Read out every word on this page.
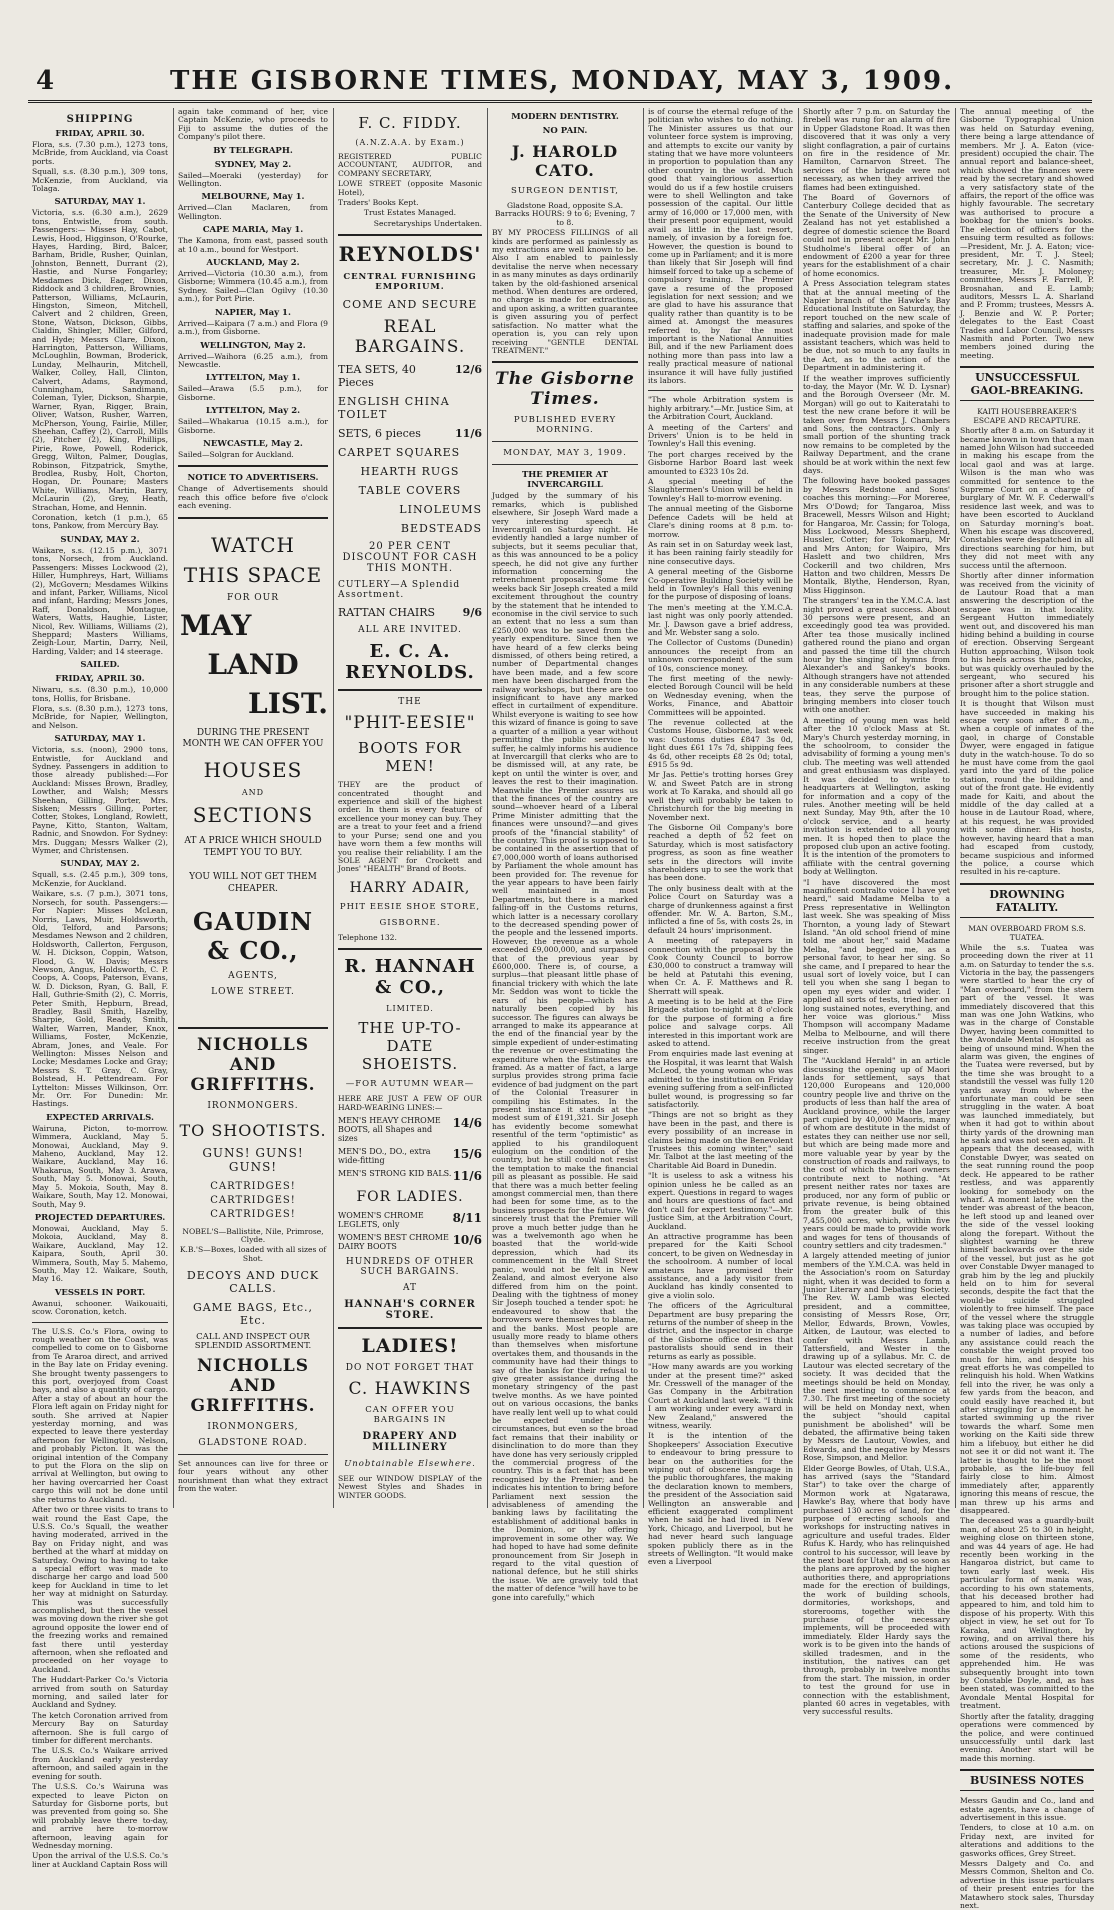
4	THE GISBORNE TIMES, MONDAY, MAY 3, 1909.
SHIPPING
FRIDAY, APRIL 30.

Flora, s.s. (7.30 p.m.), 1273 tons, McBride, from Auckland, via Coast ports.

Squall, s.s. (8.30 p.m.), 309 tons, McKenzie, from Auckland, via Tolaga.

SATURDAY, MAY 1.

Victoria, s.s. (6.30 a.m.), 2629 tons, Entwistle, from south. Passengers:— Misses Hay, Cabot, Lewis, Hood, Higginson, O'Rourke, Hayes, Harding, Bird, Balcer, Barham, Bridle, Rusher, Quinlan, Johnston, Bennett, Durrant (2), Hastie, and Nurse Fongarley; Mesdames Dick, Eager, Dixon, Riddock and 3 children, Brownies, Patterson, Williams, McLaurin, Hingston, Simeon, Mitchell, Calvert and 2 children, Green, Stone, Watson, Dickson, Gibbs, Cialdin, Shingler, Miller, Gilford, and Hyde; Messrs Clare, Dixon, Harrington, Patterson, Williams, McLoughlin, Bowman, Broderick, Lunday, Melhaurin, Mitchell, Walker, Colley, Hall, Clinton, Calvert, Adams, Raymond, Cunningham, Sandimann, Coleman, Tyler, Dickson, Sharpie, Warner, Ryan, Rigger, Brain, Oliver, Watson, Rusher, Warren, McPherson, Young, Fairlie, Miller, Sheehan, Caffey (2), Carroll, Mills (2), Pitcher (2), King, Phillips, Pirie, Rowe, Powell, Roderick, Gregg, Wilton, Palmer, Douglas, Robinson, Fitzpatrick, Smythe, Brodlea, Rusby, Holt, Chorton, Hogan, Dr. Pounare; Masters White, Williams, Martin, Barry, McLaurin (2), Grey, Heath, Strachan, Home, and Hennin.

Coronation, ketch (1 p.m.), 65 tons, Pankow, from Mercury Bay.

SUNDAY, MAY 2.

Waikare, s.s. (12.15 p.m.), 3071 tons, Norsech, from Auckland. Passengers: Misses Lockwood (2), Hiller, Humphreys, Hart, Williams (2), McGovern; Mesdames Wilkins and infant, Parker, Williams, Nicol and infant, Harding; Messrs Jones, Raff, Donaldson, Montague, Waters, Watts, Haughie, Lister, Nicol, Rev. Williams, Williams (2), Sheppard; Masters Williams, Zeigh-Lour, Martin, Darry, Neil, Harding, Valder; and 14 steerage.

SAILED.
FRIDAY, APRIL 30.

Niwaru, s.s. (8.30 p.m.), 10,000 tons, Hollis, for Brisbane.

Flora, s.s. (8.30 p.m.), 1273 tons, McBride, for Napier, Wellington, and Nelson.

SATURDAY, MAY 1.

Victoria, s.s. (noon), 2900 tons, Entwistle, for Auckland and Sydney. Passengers in addition to those already published:—For Auckland: Misses Brown, Bradley, Lowther, and Walsh; Messrs Sheehan, Gilling, Porter, Mrs. Sisken; Messrs Gilling, Porter, Cotter, Stokes, Longland, Rowlett, Payne, Kitto, Stanton, Waltam, Radnic, and Snowdon. For Sydney: Mrs. Duggan; Messrs Walker (2), Wymer, and Christensen.

SUNDAY, MAY 2.

Squall, s.s. (2.45 p.m.), 309 tons, McKenzie, for Auckland.

Waikare, s.s. (7 p.m.), 3071 tons, Norsech, for south. Passengers:—For Napier: Misses McLean, Norris, Laws, Muir, Holdsworth, Old, Telford, and Parsons; Mesdames Newson and 2 children, Holdsworth, Callerton, Ferguson, W. H. Dickson, Coppin, Watson, Flood, G. W. Davis; Messrs Newson, Angus, Holdsworth, C. P. Coops, A. Coops, Paterson, Evans, W. D. Dickson, Ryan, G. Ball, F. Hall, Guthrie-Smith (2), C. Morris, Peter Smith, Hepburn, Bread, Bradley, Basil Smith, Hazelby, Sharpie, Gold, Ready, Smith, Walter, Warren, Mander, Knox, Williams, Foster, McKenzie, Abram, Jones, and Veale. For Wellington: Misses Nelson and Locke; Mesdames Locke and Gray; Messrs S. T. Gray, C. Gray, Bolstead, H. Pettendream. For Lyttelton: Misses Wilkinson, Orr. Mr. Orr. For Dunedin: Mr. Hastings.

EXPECTED ARRIVALS.

Wairuna, Picton, to-morrow. Wimmera, Auckland, May 5. Monowai, Auckland, May 9. Maheno, Auckland, May 12. Waikare, Auckland, May 16. Whakarua, South, May 3. Arawa, South, May 5. Monowai, South, May 5. Mokoia, South, May 8. Waikare, South, May 12. Monowai, South, May 9.

PROJECTED DEPARTURES.

Monowai, Auckland, May 5. Mokoia, Auckland, May 8. Waikare, Auckland, May 12. Kaipara, South, April 30. Wimmera, South, May 5. Mahemo, South, May 12. Waikare, South, May 16.

VESSELS IN PORT.

Awanui, schooner. Waikouaiti, scow. Coronation, ketch.

The U.S.S. Co.'s Flora, owing to rough weather on the Coast, was compelled to come on to Gisborne from Te Araroa direct, and arrived in the Bay late on Friday evening. She brought twenty passengers to this port, overjoyed from Coast bays, and also a quantity of cargo. After a stay of about an hour the Flora left again on Friday night for south. She arrived at Napier yesterday morning, and was expected to leave there yesterday afternoon for Wellington, Nelson, and probably Picton. It was the original intention of the Company to put the Flora on the slip on arrival at Wellington, but owing to her having overcarried her Coast cargo this will not be done until she returns to Auckland.

After two or three visits to trans to wait round the East Cape, the U.S.S. Co.'s Squall, the weather having moderated, arrived in the Bay on Friday night, and was berthed at the wharf at midday on Saturday. Owing to having to take a special effort was made to discharge her cargo and load 500 keep for Auckland in time to let her way at midnight on Saturday. This was successfully accomplished, but then the vessel was moving down the river she got aground opposite the lower end of the freezing works and remained fast there until yesterday afternoon, when she refloated and proceeded on her voyage to Auckland.

The Huddart-Parker Co.'s Victoria arrived from south on Saturday morning, and sailed later for Auckland and Sydney.

The ketch Coronation arrived from Mercury Bay on Saturday afternoon. She is full cargo of timber for different merchants.

The U.S.S. Co.'s Waikare arrived from Auckland early yesterday afternoon, and sailed again in the evening for south.

The U.S.S. Co.'s Wairuna was expected to leave Picton on Saturday for Gisborne ports, but was prevented from going so. She will probably leave there to-day, and arrive here to-morrow afternoon, leaving again for Wednesday morning.

Upon the arrival of the U.S.S. Co.'s liner at Auckland Captain Ross will

again take command of her, vice Captain McKenzie, who proceeds to Fiji to assume the duties of the Company's pilot there.

BY TELEGRAPH.
SYDNEY, May 2.

Sailed—Moeraki (yesterday) for Wellington.

MELBOURNE, May 1.

Arrived—Clan Maclaren, from Wellington.

CAPE MARIA, May 1.

The Kamona, from east, passed south at 10 a.m., bound for Westport.

AUCKLAND, May 2.

Arrived—Victoria (10.30 a.m.), from Gisborne; Wimmera (10.45 a.m.), from Sydney. Sailed—Clan Ogilvy (10.30 a.m.), for Port Pirie.

NAPIER, May 1.

Arrived—Kaipara (7 a.m.) and Flora (9 a.m.), from Gisborne.

WELLINGTON, May 2.

Arrived—Waihora (6.25 a.m.), from Newcastle.

LYTTELTON, May 1.

Sailed—Arawa (5.5 p.m.), for Gisborne.

LYTTELTON, May 2.

Sailed—Whakarua (10.15 a.m.), for Gisborne.

NEWCASTLE, May 2.

Sailed—Solgran for Auckland.

NOTICE TO ADVERTISERS.

Change of Advertisements should reach this office before five o'clock each evening.

WATCH
THIS SPACE
FOR OUR
MAY
LAND
LIST.

DURING THE PRESENT MONTH WE CAN OFFER YOU

HOUSES
AND
SECTIONS

AT A PRICE WHICH SHOULD TEMPT YOU TO BUY.

YOU WILL NOT GET THEM CHEAPER.

GAUDIN & CO.,
AGENTS,
LOWE STREET.
NICHOLLS AND GRIFFITHS.
IRONMONGERS.
TO SHOOTISTS.
GUNS! GUNS! GUNS!
CARTRIDGES! CARTRIDGES! CARTRIDGES!

NOBEL'S—Ballistite, Nile, Primrose, Clyde.

K.B.'S—Boxes, loaded with all sizes of Shot.

DECOYS AND DUCK CALLS.
GAME BAGS, Etc., Etc.

CALL AND INSPECT OUR SPLENDID ASSORTMENT.

NICHOLLS AND GRIFFITHS.
IRONMONGERS,
GLADSTONE ROAD.

Set announces can live for three or four years without any other nourishment than what they extract from the water.

F. C. FIDDY.
(A.N.Z.A.A. by Exam.)

REGISTERED PUBLIC ACCOUNTANT, AUDITOR, and COMPANY SECRETARY,

LOWE STREET (opposite Masonic Hotel),

Traders' Books Kept.

Trust Estates Managed.

Secretaryships Undertaken.

REYNOLDS'
CENTRAL FURNISHING EMPORIUM.
COME AND SECURE
REAL BARGAINS.
TEA SETS, 40 Pieces
12/6
ENGLISH CHINA TOILET
SETS, 6 pieces	11/6
CARPET SQUARES
HEARTH RUGS
TABLE COVERS
LINOLEUMS
BEDSTEADS
20 PER CENT DISCOUNT FOR CASH THIS MONTH.
CUTLERY—A Splendid Assortment.
RATTAN CHAIRS	9/6
ALL ARE INVITED.
E. C. A. REYNOLDS.
THE
"PHIT-EESIE"
BOOTS FOR MEN!

THEY are the product of concentrated thought and experience and skill of the highest order. In them is every feature of excellence your money can buy. They are a treat to your feet and a friend to your Purse; send one and you have worn them a few months will you realise their reliability. I am the SOLE AGENT for Crockett and Jones' "HEALTH" Brand of Boots.

HARRY ADAIR,
PHIT EESIE SHOE STORE,
GISBORNE.

Telephone 132.

R. HANNAH & CO.,
LIMITED.
THE UP-TO-DATE SHOEISTS.
—FOR AUTUMN WEAR—

HERE ARE JUST A FEW OF OUR HARD-WEARING LINES:—

MEN'S HEAVY CHROME BOOTS, all Shapes and sizes
14/6
MEN'S DO., DO., extra wide-fitting	15/6
MEN'S STRONG KID BALS. 11/6
FOR LADIES.
WOMEN'S CHROME LEGLETS, only	8/11
WOMEN'S BEST CHROME DAIRY BOOTS	10/6
HUNDREDS OF OTHER SUCH BARGAINS.
AT
HANNAH'S CORNER STORE.
LADIES!
DO NOT FORGET THAT
C. HAWKINS
CAN OFFER YOU BARGAINS IN
DRAPERY AND MILLINERY
Unobtainable Elsewhere.

SEE our WINDOW DISPLAY of the Newest Styles and Shades in WINTER GOODS.

MODERN DENTISTRY.
NO PAIN.
J. HAROLD CATO.
SURGEON DENTIST,

Gladstone Road, opposite S.A. Barracks HOURS: 9 to 6; Evening, 7 to 8.

BY MY PROCESS FILLINGS of all kinds are performed as painlessly as my extractions are well known to be. Also I am enabled to painlessly devitalise the nerve when necessary in as many minutes as days ordinarily taken by the old-fashioned arsenical method. When dentures are ordered, no charge is made for extractions, and upon asking, a written guarantee is given assuring you of perfect satisfaction. No matter what the operation is, you can rely upon receiving "GENTLE DENTAL TREATMENT."

The Gisborne Times.
PUBLISHED EVERY MORNING.
MONDAY, MAY 3, 1909.
THE PREMIER AT INVERCARGILL

Judged by the summary of his remarks, which is published elsewhere, Sir Joseph Ward made a very interesting speech at Invercargill on Saturday night. He evidently handled a large number of subjects, but it seems peculiar that, as this was announced to be a policy speech, he did not give any further information concerning the retrenchment proposals. Some few weeks back Sir Joseph created a mild excitement throughout the country by the statement that he intended to economise in the civil service to such an extent that no less a sum than £250,000 was to be saved from the yearly expenditure. Since then we have heard of a few clerks being dismissed, of others being retired, a number of Departmental changes have been made, and a few score men have been discharged from the railway workshops, but there are too insignificant to have any marked effect in curtailment of expenditure. Whilst everyone is waiting to see how this wizard of finance is going to save a quarter of a million a year without permitting the public service to suffer, he calmly informs his audience at Invercargill that clerks who are to be dismissed will, at any rate, be kept on until the winter is over, and leaves the rest to their imagination. Meanwhile the Premier assures us that the finances of the country are sound—whoever heard of a Liberal Prime Minister admitting that the finances were unsound?—and gives proofs of the "financial stability" of the country. This proof is supposed to be contained in the assertion that of £7,000,000 worth of loans authorised by Parliament the whole amount has been provided for. The revenue for the year appears to have been fairly well maintained in most Departments, but there is a marked falling-off in the Customs returns, which latter is a necessary corollary to the decreased spending power of the people and the lessened imports. However, the revenue as a whole exceeded £9,000,000, and surpassed that of the previous year by £600,000. There is, of course, a surplus—that pleasant little phase of financial trickery with which the late Mr. Seddon was wont to tickle the ears of his people—which has naturally been copied by his successor. The figures can always be arranged to make its appearance at the end of the financial year by the simple expedient of under-estimating the revenue or over-estimating the expenditure when the Estimates are framed. As a matter of fact, a large surplus provides strong prima facie evidence of bad judgment on the part of the Colonial Treasurer in compiling his Estimates. In the present instance it stands at the modest sum of £191,321. Sir Joseph has evidently become somewhat resentful of the term "optimistic" as applied to his grandiloquent eulogium on the condition of the country, but he still could not resist the temptation to make the financial pill as pleasant as possible. He said that there was a much better feeling amongst commercial men, than there had been for some time, as to the business prospects for the future. We sincerely trust that the Premier will prove a much better judge than he was a twelvemonth ago when he boasted that the world-wide depression, which had its commencement in the Wall Street panic, would not be felt in New Zealand, and almost everyone also differed from him on the point. Dealing with the tightness of money Sir Joseph touched a tender spot: he endeavoured to show that the borrowers were themselves to blame, and the banks. Most people are usually more ready to blame others than themselves when misfortune overtakes them, and thousands in the community have had their things to say of the banks for their refusal to give greater assistance during the monetary stringency of the past twelve months. As we have pointed out on various occasions, the banks have really lent well up to what could be expected under the circumstances, but even so the broad fact remains that their inability or disinclination to do more than they have done has very seriously crippled the commercial progress of the country. This is a fact that has been recognised by the Premier; and he indicates his intention to bring before Parliament next session the advisableness of amending the banking laws by facilitating the establishment of additional banks in the Dominion, or by offering improvement in some other way. We had hoped to have had some definite pronouncement from Sir Joseph in regard to the vital question of national defence, but he still shirks the issue. We are gravely told that the matter of defence "will have to be gone into carefully," which

is of course the eternal refuge of the politician who wishes to do nothing. The Minister assures us that our volunteer force system is improving, and attempts to excite our vanity by stating that we have more volunteers in proportion to population than any other country in the world. Much good that vainglorious assertion would do us if a few hostile cruisers were to shell Wellington and take possession of the capital. Our little army of 16,000 or 17,000 men, with their present poor equipment, would avail as little in the last resort, namely, of invasion by a foreign foe. However, the question is bound to come up in Parliament; and it is more than likely that Sir Joseph will find himself forced to take up a scheme of compulsory training. The Premier gave a resume of the proposed legislation for next session; and we are glad to have his assurance that quality rather than quantity is to be aimed at. Amongst the measures referred to, by far the most important is the National Annuities Bill, and if the new Parliament does nothing more than pass into law a really practical measure of national insurance it will have fully justified its labors.

"The whole Arbitration system is highly arbitrary."—Mr. Justice Sim, at the Arbitration Court, Auckland.

A meeting of the Carters' and Drivers' Union is to be held in Townley's Hall this evening.

The port charges received by the Gisborne Harbor Board last week amounted to £323 10s 2d.

A special meeting of the Slaughtermen's Union will be held in Townley's Hall to-morrow evening.

The annual meeting of the Gisborne Defence Cadets will be held at Clare's dining rooms at 8 p.m. to-morrow.

As rain set in on Saturday week last, it has been raining fairly steadily for nine consecutive days.

A general meeting of the Gisborne Co-operative Building Society will be held in Townley's Hall this evening for the purpose of disposing of loans.

The men's meeting at the Y.M.C.A. last night was only poorly attended. Mr. J. Dawson gave a brief address, and Mr. Webster sang a solo.

The Collector of Customs (Dunedin) announces the receipt from an unknown correspondent of the sum of 10s, conscience money.

The first meeting of the newly-elected Borough Council will be held on Wednesday evening, when the Works, Finance, and Abattoir Committees will be appointed.

The revenue collected at the Customs House, Gisborne, last week was: Customs duties £847 3s 0d, light dues £61 17s 7d, shipping fees 4s 6d, other receipts £8 2s 0d; total, £915 5s 9d.

Mr Jas. Pettie's trotting horses Grey W. and Sweet Patch are in strong work at To Karaka, and should all go well they will probably be taken to Christchurch for the big meeting in November next.

The Gisborne Oil Company's bore reached a depth of 52 feet on Saturday, which is most satisfactory progress, as soon as fine weather sets in the directors will invite shareholders up to see the work that has been done.

The only business dealt with at the Police Court on Saturday was a charge of drunkenness against a first offender. Mr. W. A. Barton, S.M., inflicted a fine of 5s, with costs 2s, in default 24 hours' imprisonment.

A meeting of ratepayers in connection with the proposal by the Cook County Council to borrow £30,000 to construct a tramway will be held at Patutahi this evening, when Cr. A. F. Matthews and R. Sherratt will speak.

A meeting is to be held at the Fire Brigade station to-night at 8 o'clock for the purpose of forming a fire police and salvage corps. All interested in this important work are asked to attend.

From enquiries made last evening at the Hospital, it was learnt that Walsh McLeod, the young woman who was admitted to the institution on Friday evening suffering from a self-inflicted bullet wound, is progressing so far satisfactorily.

"Things are not so bright as they have been in the past, and there is every possibility of an increase in claims being made on the Benevolent Trustees this coming winter," said Mr. Talbot at the last meeting of the Charitable Aid Board in Dunedin.

"It is useless to ask a witness his opinion unless he be called as an expert. Questions in regard to wages and hours are questions of fact and don't call for expert testimony."—Mr. Justice Sim, at the Arbitration Court, Auckland.

An attractive programme has been prepared for the Kaiti School concert, to be given on Wednesday in the schoolroom. A number of local amateurs have promised their assistance, and a lady visitor from Auckland has kindly consented to give a violin solo.

The officers of the Agricultural Department are busy preparing the returns of the number of sheep in the district, and the inspector in charge of the Gisborne office desires that pastoralists should send in their returns as early as possible.

"How many awards are you working under at the present time?" asked Mr. Cresswell of the manager of the Gas Company in the Arbitration Court at Auckland last week. "I think I am working under every award in New Zealand," answered the witness, wearily.

It is the intention of the Shopkeepers' Association Executive to endeavour to bring pressure to bear on the authorities for the wiping out of obscene language in the public thoroughfares, the making the declaration known to members, the president of the Association said Wellington an answerable and efficient exaggerated compliment when he said he had lived in New York, Chicago, and Liverpool, but he had never heard such language spoken publicly there as in the streets of Wellington. "It would make even a Liverpool

Shortly after 7 p.m. on Saturday the firebell was rung for an alarm of fire in Upper Gladstone Road. It was then discovered that it was only a very slight conflagration, a pair of curtains on fire in the residence of Mr. Hamilton, Carnarvon Street. The services of the brigade were not necessary, as when they arrived the flames had been extinguished.

The Board of Governors of Canterbury College decided that as the Senate of the University of New Zealand has not yet established a degree of domestic science the Board could not in present accept Mr. John Studholme's liberal offer of an endowment of £200 a year for three years for the establishment of a chair of home economics.

A Press Association telegram states that at the annual meeting of the Napier branch of the Hawke's Bay Educational Institute on Saturday, the report touched on the new scale of staffing and salaries, and spoke of the inadequate provision made for male assistant teachers, which was held to be due, not so much to any faults in the Act, as to the action of the Department in administering it.

If the weather improves sufficiently to-day, the Mayor (Mr. W. D. Lysnar) and the Borough Overseer (Mr. M. Morgan) will go out to Kaiteratahi to test the new crane before it will be taken over from Messrs J. Chambers and Sons, the contractors. Only a small portion of the shunting track now remains to be completed by the Railway Department, and the crane should be at work within the next few days.

The following have booked passages by Messrs Redstone and Sons' coaches this morning:—For Moreree, Mrs O'Dowd; for Tangaroa, Miss Bracewell, Messrs Wilson and Hight; for Hangaroa, Mr. Cassin; for Tologa, Miss Lockwood, Messrs Shepherd, Hussler, Cotter; for Tokomaru, Mr and Mrs Anton; for Waipiro, Mrs Haslett and two children, Mrs Cockerill and two children, Mrs Hatton and two children, Messrs De Montalk, Blythe, Henderson, Ryan, Miss Higginson.

The strangers' tea in the Y.M.C.A. last night proved a great success. About 30 persons were present, and an exceedingly good tea was provided. After tea those musically inclined gathered round the piano and organ and passed the time till the church hour by the singing of hymns from Alexander's and Sankey's books. Although strangers have not attended in any considerable numbers at these teas, they serve the purpose of bringing members into closer touch with one another.

A meeting of young men was held after the 10 o'clock Mass at St. Mary's Church yesterday morning, in the schoolroom, to consider the advisability of forming a young men's club. The meeting was well attended and great enthusiasm was displayed. It was decided to write to headquarters at Wellington, asking for information and a copy of the rules. Another meeting will be held next Sunday, May 9th, after the 10 o'clock service, and a hearty invitation is extended to all young men. It is hoped then to place the proposed club upon an active footing. It is the intention of the promoters to affiliate with the central governing body at Wellington.

"I have discovered the most magnificent contralto voice I have yet heard," said Madame Melba to a Press representative in Wellington last week. She was speaking of Miss Thornton, a young lady of Stewart Island. "An old school friend of mine told me about her," said Madame Melba, "and begged me, as a personal favor, to hear her sing. So she came, and I prepared to hear the usual sort of lovely voice, but I can tell you when she sang I began to open my eyes wider and wider. I applied all sorts of tests, tried her on long sustained notes, everything, and her voice was glorious." Miss Thompson will accompany Madame Melba to Melbourne, and will there receive instruction from the great singer.

The "Auckland Herald" in an article discussing the opening up of Maori lands for settlement, says that 120,000 Europeans and 120,000 country people live and thrive on the products of less than half the area of Auckland province, while the larger part cupied by 40,000 Maoris, many of whom are destitute in the midst of estates they can neither use nor sell, but which are being made more and more valuable year by year by the construction of roads and railways, to the cost of which the Maori owners contribute next to nothing. "At present neither rates nor taxes are produced, nor any form of public or private revenue, is being obtained from the greater bulk of this 7,455,000 acres, which, within five years could be made to provide work and wages for tens of thousands of country settlers and city tradesmen."

A largely attended meeting of junior members of the Y.M.C.A. was held in the Association's room on Saturday night, when it was decided to form a Junior Literary and Debating Society. The Rev. W. Lamb was elected president, and a committee, consisting of Messrs Rose, Orr, Mellor, Edwards, Brown, Vowles, Aitken, de Lautour, was elected to confer with Messrs Lamb, Tattersfield, and Wester in the drawing up of a syllabus. Mr. C. de Lautour was elected secretary of the society. It was decided that the meetings should be held on Monday, the next meeting to commence at 7.30. The first meeting of the society will be held on Monday next, when the subject "should capital punishment be abolished" will be debated, the affirmative being taken by Messrs de Lautour, Vowles, and Edwards, and the negative by Messrs Rose, Simpson, and Mellor.

Elder George Bowles, of Utah, U.S.A., has arrived (says the "Standard Star") to take over the charge of Mormon work at Ngatarawa, Hawke's Bay, where that body have purchased 130 acres of land, for the purpose of erecting schools and workshops for instructing natives in agriculture and useful trades. Elder Rufus K. Hardy, who has relinquished control to his successor, will leave by the next boat for Utah, and so soon as the plans are approved by the higher authorities there, and appropriations made for the erection of buildings, the work of building schools, dormitories, workshops, and storerooms, together with the purchase of the necessary implements, will be proceeded with immediately. Elder Hardy says the work is to be given into the hands of skilled tradesmen, and in the institution, the natives can get through, probably in twelve months from the start. The mission, in order to test the ground for use in connection with the establishment, planted 60 acres in vegetables, with very successful results.

The annual meeting of the Gisborne Typographical Union was held on Saturday evening, there being a large attendance of members. Mr J. A. Eaton (vice-president) occupied the chair. The annual report and balance-sheet, which showed the finances were read by the secretary and showed a very satisfactory state of the affairs, the report of the office was highly favourable. The secretary was authorised to procure a bookbag for the union's books. The election of officers for the ensuing term resulted as follows:—President, Mr. J. A. Eaton; vice-president, Mr. T. J. Steel; secretary, Mr. J. C. Nasmith; treasurer, Mr. J. Moloney; committee, Messrs F. Farrell, P. Brosnahan, and E. Lamb; auditors, Messrs L. A. Sharland and P. Fromm; trustees, Messrs A. J. Benzie and W. P. Porter; delegates to the East Coast Trades and Labor Council, Messrs Nasmith and Porter. Two new members joined during the meeting.

UNSUCCESSFUL GAOL-BREAKING.
KAITI HOUSEBREAKER'S ESCAPE AND RECAPTURE.

Shortly after 8 a.m. on Saturday it became known in town that a man named John Wilson had succeeded in making his escape from the local gaol and was at large. Wilson is the man who was committed for sentence to the Supreme Court on a charge of burglary of Mr. W. F. Cederwall's residence last week, and was to have been escorted to Auckland on Saturday morning's boat. When his escape was discovered, Constables were despatched in all directions searching for him, but they did not meet with any success until the afternoon.

Shortly after dinner information was received from the vicinity of de Lautour Road that a man answering the description of the escapee was in that locality. Sergeant Hutton immediately went out, and discovered his man hiding behind a building in course of erection. Observing Sergeant Hutton approaching, Wilson took to his heels across the paddocks, but was quickly overhauled by the sergeant, who secured his prisoner after a short struggle and brought him to the police station.

It is thought that Wilson must have succeeded in making his escape very soon after 8 a.m., when a couple of inmates of the gaol, in charge of Constable Dwyer, were engaged in fatigue duty in the watch-house. To do so he must have come from the gaol yard into the yard of the police station, round the building, and out of the front gate. He evidently made for Kaiti, and about the middle of the day called at a house in de Lautour Road, where, at his request, he was provided with some dinner. His hosts, however, having heard that a man had escaped from custody, became suspicious and informed the police, a course which resulted in his re-capture.

DROWNING FATALITY.
MAN OVERBOARD FROM S.S. TUATEA.

While the s.s. Tuatea was proceeding down the river at 11 a.m. on Saturday to tender the s.s. Victoria in the bay, the passengers were startled to hear the cry of "Man overboard," from the stern part of the vessel. It was immediately discovered that this man was one John Watkins, who was in the charge of Constable Dwyer, having been committed to the Avondale Mental Hospital as being of unsound mind. When the alarm was given, the engines of the Tuatea were reversed, but by the time she was brought to a standstill the vessel was fully 120 yards away from where the unfortunate man could be seen struggling in the water. A boat was launched immediately, but when it had got to within about thirty yards of the drowning man he sank and was not seen again. It appears that the deceased, with Constable Dwyer, was seated on the seat running round the poop deck. He appeared to be rather restless, and was apparently looking for somebody on the wharf. A moment later, when the tender was abreast of the beacon, he left stood up and leaned over the side of the vessel looking along the forepart. Without the slightest warning he threw himself backwards over the side of the vessel, but just as he got over Constable Dwyer managed to grab him by the leg and pluckily held on to him for several seconds, despite the fact that the would-be suicide struggled violently to free himself. The pace of the vessel where the struggle was taking place was occupied by a number of ladies, and before any assistance could reach the constable the weight proved too much for him, and despite his great efforts he was compelled to relinquish his hold. When Watkins fell into the river, he was only a few yards from the beacon, and could easily have reached it, but after struggling for a moment he started swimming up the river towards the wharf. Some men working on the Kaiti side threw him a lifebuoy, but either he did not see it or did not want it. The latter is thought to be the most probable, as the life-buoy fell fairly close to him. Almost immediately after, apparently ignoring this means of rescue, the man threw up his arms and disappeared.

The deceased was a guardly-built man, of about 25 to 30 in height, weighing close on thirteen stone, and was 44 years of age. He had recently been working in the Hangaroa district, but came to town early last week. His particular form of mania was, according to his own statements, that his deceased brother had appeared to him, and told him to dispose of his property. With this object in view, he set out for To Karaka, and Wellington, by rowing, and on arrival there his actions aroused the suspicions of some of the residents, who apprehended him. He was subsequently brought into town by Constable Doyle, and, as has been stated, was committed to the Avondale Mental Hospital for treatment.

Shortly after the fatality, dragging operations were commenced by the police, and were continued unsuccessfully until dark last evening. Another start will be made this morning.

BUSINESS NOTES

Messrs Gaudin and Co., land and estate agents, have a change of advertisement in this issue.

Tenders, to close at 10 a.m. on Friday next, are invited for alterations and additions to the gasworks offices, Grey Street.

Messrs Dalgety and Co. and Messrs Common, Shelton and Co. advertise in this issue particulars of their present entries for the Matawhero stock sales, Thursday next.
